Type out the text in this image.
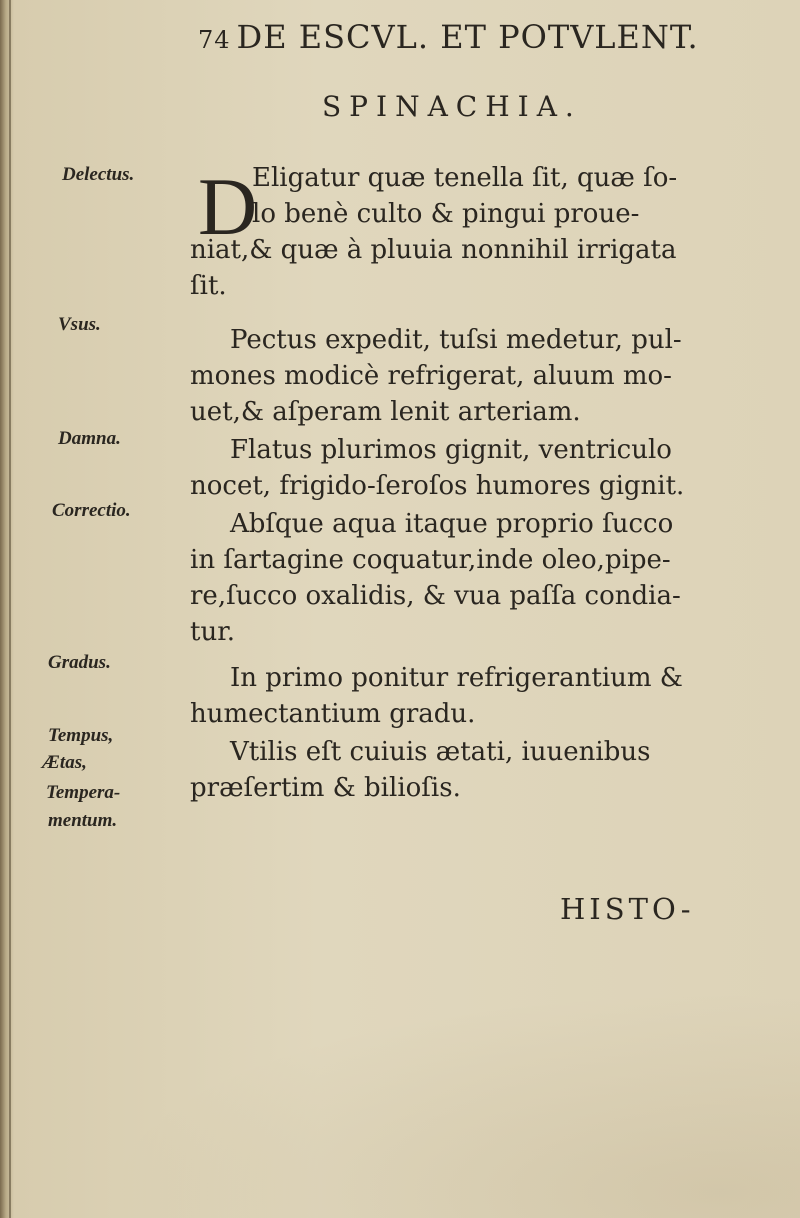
74 DE ESCVL. ET POTVLENT.
SPINACHIA.
Delectus.
Vsus.
Damna.
Correctio.
Gradus.
Tempus,
Ætas,
Tempera-
mentum.
D
Eligatur quæ tenella ſit, quæ ſo-
lo benè culto & pingui proue-
niat,& quæ à pluuia nonnihil irrigata
ſit.
Pectus expedit, tuſsi medetur, pul-
mones modicè refrigerat, aluum mo-
uet,& aſperam lenit arteriam.
Flatus plurimos gignit, ventriculo
nocet, frigido-ſeroſos humores gignit.
Abſque aqua itaque proprio ſucco
in ſartagine coquatur,inde oleo,pipe-
re,ſucco oxalidis, & vua paſſa condia-
tur.
In primo ponitur refrigerantium &
humectantium gradu.
Vtilis eſt cuiuis ætati, iuuenibus
præſertim & bilioſis.
HISTO-
